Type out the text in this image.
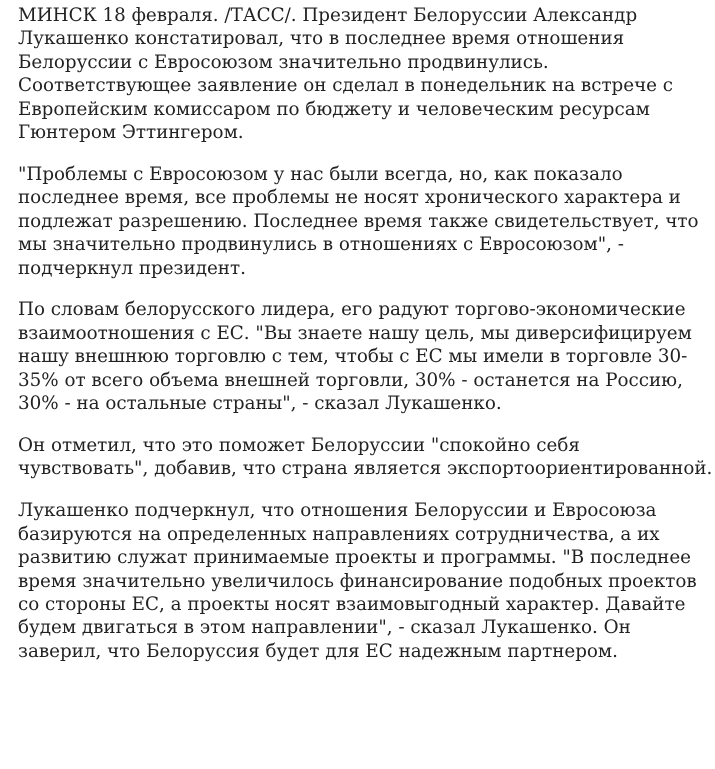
МИНСК 18 февраля. /ТАСС/. Президент Белоруссии Александр Лукашенко констатировал, что в последнее время отношения Белоруссии с Евросоюзом значительно продвинулись. Соответствующее заявление он сделал в понедельник на встрече с Европейским комиссаром по бюджету и человеческим ресурсам Гюнтером Эттингером.

"Проблемы с Евросоюзом у нас были всегда, но, как показало последнее время, все проблемы не носят хронического характера и подлежат разрешению. Последнее время также свидетельствует, что мы значительно продвинулись в отношениях с Евросоюзом", - подчеркнул президент.

По словам белорусского лидера, его радуют торгово-экономические взаимоотношения с ЕС. "Вы знаете нашу цель, мы диверсифицируем нашу внешнюю торговлю с тем, чтобы с ЕС мы имели в торговле 30-35% от всего объема внешней торговли, 30% - останется на Россию, 30% - на остальные страны", - сказал Лукашенко.

Он отметил, что это поможет Белоруссии "спокойно себя чувствовать", добавив, что страна является экспортоориентированной.

Лукашенко подчеркнул, что отношения Белоруссии и Евросоюза базируются на определенных направлениях сотрудничества, а их развитию служат принимаемые проекты и программы. "В последнее время значительно увеличилось финансирование подобных проектов со стороны ЕС, а проекты носят взаимовыгодный характер. Давайте будем двигаться в этом направлении", - сказал Лукашенко. Он заверил, что Белоруссия будет для ЕС надежным партнером.
